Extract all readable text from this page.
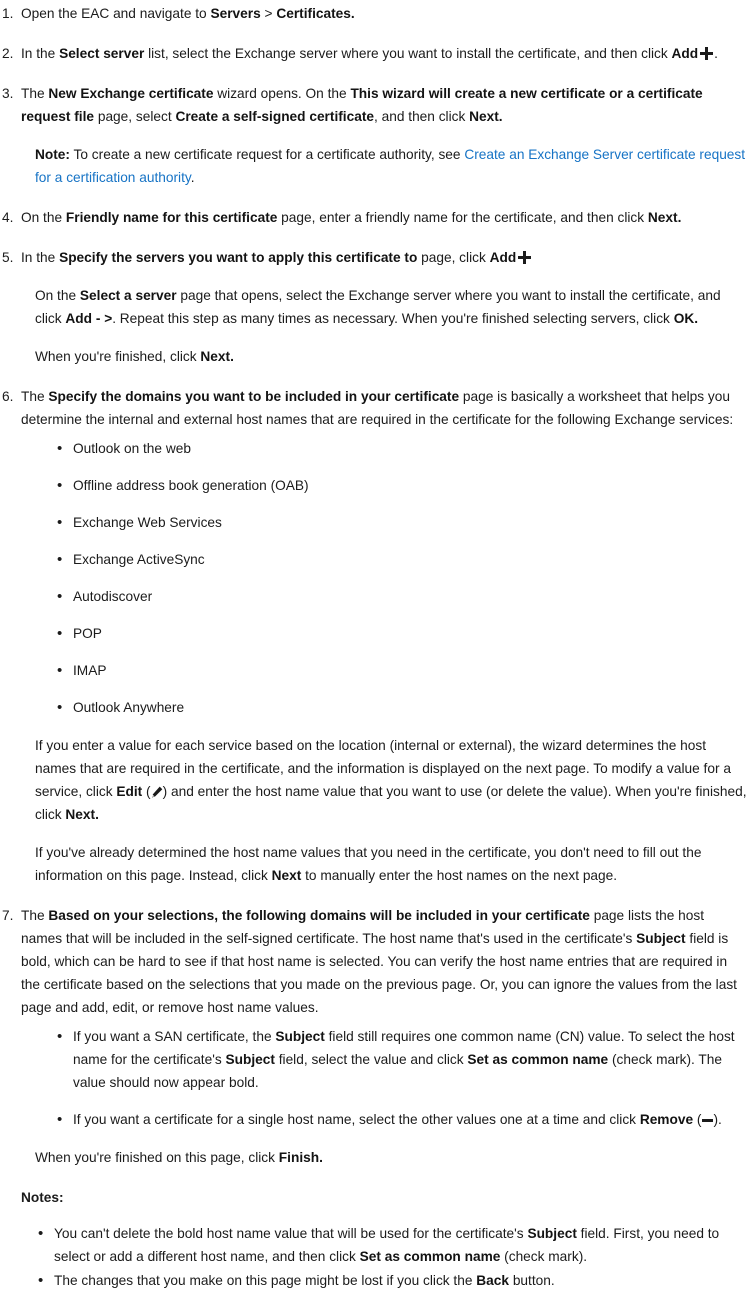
1. Open the EAC and navigate to Servers > Certificates.

2. In the Select server list, select the Exchange server where you want to install the certificate, and then click Add .

3. The New Exchange certificate wizard opens. On the This wizard will create a new certificate or a certificate request file page, select Create a self-signed certificate, and then click Next.

Note: To create a new certificate request for a certificate authority, see Create an Exchange Server certificate request for a certification authority.

4. On the Friendly name for this certificate page, enter a friendly name for the certificate, and then click Next.

5. In the Specify the servers you want to apply this certificate to page, click Add

On the Select a server page that opens, select the Exchange server where you want to install the certificate, and click Add - >. Repeat this step as many times as necessary. When you're finished selecting servers, click OK.

When you're finished, click Next.

6. The Specify the domains you want to be included in your certificate page is basically a worksheet that helps you determine the internal and external host names that are required in the certificate for the following Exchange services:

• Outlook on the web
• Offline address book generation (OAB)
• Exchange Web Services
• Exchange ActiveSync
• Autodiscover
• POP
• IMAP
• Outlook Anywhere

If you enter a value for each service based on the location (internal or external), the wizard determines the host names that are required in the certificate, and the information is displayed on the next page. To modify a value for a service, click Edit ( ) and enter the host name value that you want to use (or delete the value). When you're finished, click Next.

If you've already determined the host name values that you need in the certificate, you don't need to fill out the information on this page. Instead, click Next to manually enter the host names on the next page.

7. The Based on your selections, the following domains will be included in your certificate page lists the host names that will be included in the self-signed certificate. The host name that's used in the certificate's Subject field is bold, which can be hard to see if that host name is selected. You can verify the host name entries that are required in the certificate based on the selections that you made on the previous page. Or, you can ignore the values from the last page and add, edit, or remove host name values.

• If you want a SAN certificate, the Subject field still requires one common name (CN) value. To select the host name for the certificate's Subject field, select the value and click Set as common name (check mark). The value should now appear bold.
• If you want a certificate for a single host name, select the other values one at a time and click Remove ( ).

When you're finished on this page, click Finish.

Notes:

• You can't delete the bold host name value that will be used for the certificate's Subject field. First, you need to select or add a different host name, and then click Set as common name (check mark).
• The changes that you make on this page might be lost if you click the Back button.
